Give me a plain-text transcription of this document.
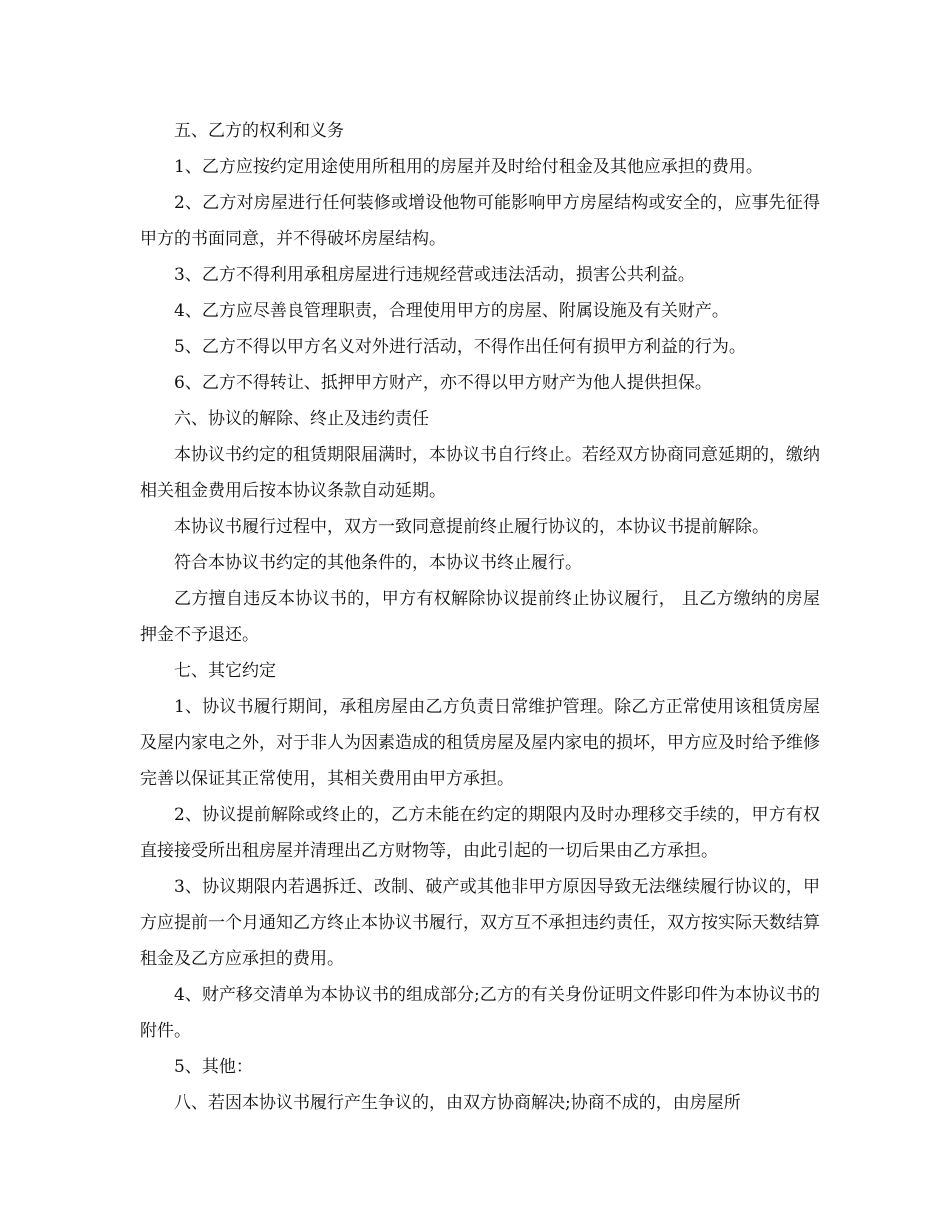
五、乙方的权利和义务

1、乙方应按约定用途使用所租用的房屋并及时给付租金及其他应承担的费用。

2、乙方对房屋进行任何装修或增设他物可能影响甲方房屋结构或安全的，应事先征得甲方的书面同意，并不得破坏房屋结构。

3、乙方不得利用承租房屋进行违规经营或违法活动，损害公共利益。

4、乙方应尽善良管理职责，合理使用甲方的房屋、附属设施及有关财产。

5、乙方不得以甲方名义对外进行活动，不得作出任何有损甲方利益的行为。

6、乙方不得转让、抵押甲方财产，亦不得以甲方财产为他人提供担保。

六、协议的解除、终止及违约责任

本协议书约定的租赁期限届满时，本协议书自行终止。若经双方协商同意延期的，缴纳相关租金费用后按本协议条款自动延期。

本协议书履行过程中，双方一致同意提前终止履行协议的，本协议书提前解除。

符合本协议书约定的其他条件的，本协议书终止履行。

乙方擅自违反本协议书的，甲方有权解除协议提前终止协议履行， 且乙方缴纳的房屋押金不予退还。

七、其它约定

1、协议书履行期间，承租房屋由乙方负责日常维护管理。除乙方正常使用该租赁房屋及屋内家电之外，对于非人为因素造成的租赁房屋及屋内家电的损坏，甲方应及时给予维修完善以保证其正常使用，其相关费用由甲方承担。

2、协议提前解除或终止的，乙方未能在约定的期限内及时办理移交手续的，甲方有权直接接受所出租房屋并清理出乙方财物等，由此引起的一切后果由乙方承担。

3、协议期限内若遇拆迁、改制、破产或其他非甲方原因导致无法继续履行协议的，甲方应提前一个月通知乙方终止本协议书履行，双方互不承担违约责任，双方按实际天数结算租金及乙方应承担的费用。

4、财产移交清单为本协议书的组成部分;乙方的有关身份证明文件影印件为本协议书的附件。

5、其他：

八、若因本协议书履行产生争议的，由双方协商解决;协商不成的，由房屋所
